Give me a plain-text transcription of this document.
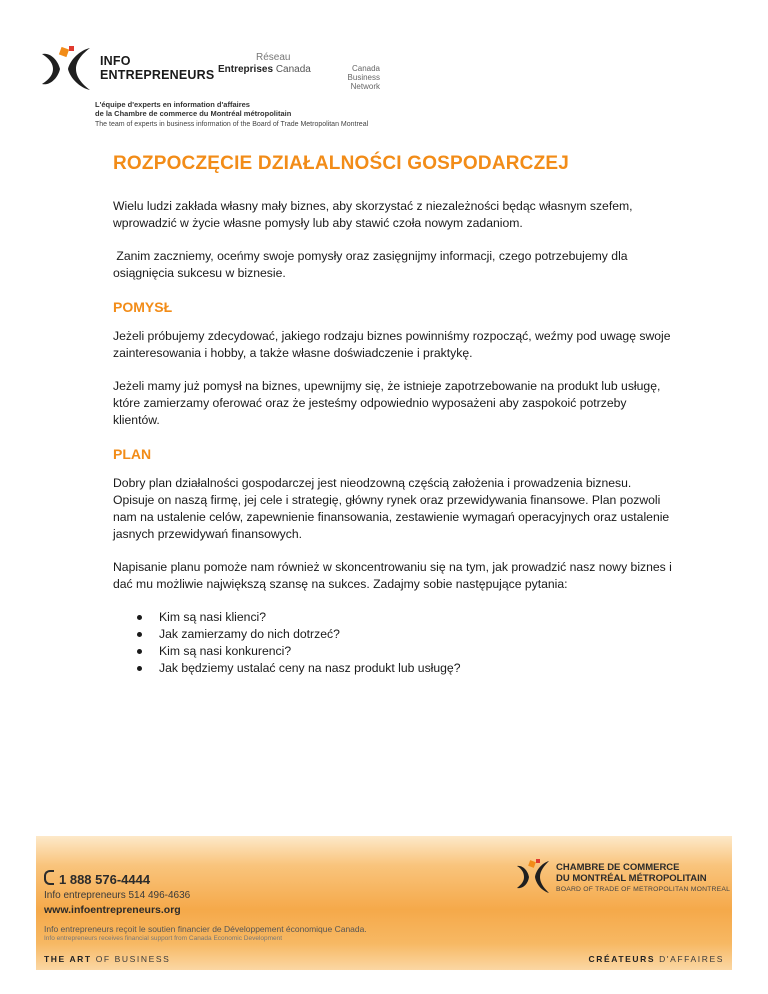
INFO
ENTREPRENEURS
Réseau
Entreprises Canada	Canada Business
Network
L'équipe d'experts en information d'affaires
de la Chambre de commerce du Montréal métropolitain
The team of experts in business information of the Board of Trade Metropolitan Montreal
ROZPOCZĘCIE DZIAŁALNOŚCI GOSPODARCZEJ

Wielu ludzi zakłada własny mały biznes, aby skorzystać z niezależności będąc własnym szefem, wprowadzić w życie własne pomysły lub aby stawić czoła nowym zadaniom.

Zanim zaczniemy, oceńmy swoje pomysły oraz zasięgnijmy informacji, czego potrzebujemy dla osiągnięcia sukcesu w biznesie.

POMYSŁ

Jeżeli próbujemy zdecydować, jakiego rodzaju biznes powinniśmy rozpocząć, weźmy pod uwagę swoje zainteresowania i hobby, a także własne doświadczenie i praktykę.

Jeżeli mamy już pomysł na biznes, upewnijmy się, że istnieje zapotrzebowanie na produkt lub usługę, które zamierzamy oferować oraz że jesteśmy odpowiednio wyposażeni aby zaspokoić potrzeby klientów.

PLAN

Dobry plan działalności gospodarczej jest nieodzowną częścią założenia i prowadzenia biznesu. Opisuje on naszą firmę, jej cele i strategię, główny rynek oraz przewidywania finansowe. Plan pozwoli nam na ustalenie celów, zapewnienie finansowania, zestawienie wymagań operacyjnych oraz ustalenie jasnych przewidywań finansowych.

Napisanie planu pomoże nam również w skoncentrowaniu się na tym, jak prowadzić nasz nowy biznes i dać mu możliwie największą szansę na sukces. Zadajmy sobie następujące pytania:

Kim są nasi klienci?
Jak zamierzamy do nich dotrzeć?
Kim są nasi konkurenci?
Jak będziemy ustalać ceny na nasz produkt lub usługę?
1 888 576-4444
Info entrepreneurs 514 496-4636
www.infoentrepreneurs.org
Info entrepreneurs reçoit le soutien financier de Développement économique Canada.
Info entrepreneurs receives financial support from Canada Economic Development
THE ART OF BUSINESS	CRÉATEURS D'AFFAIRES
CHAMBRE DE COMMERCE
DU MONTRÉAL MÉTROPOLITAIN
BOARD OF TRADE OF METROPOLITAN MONTREAL
